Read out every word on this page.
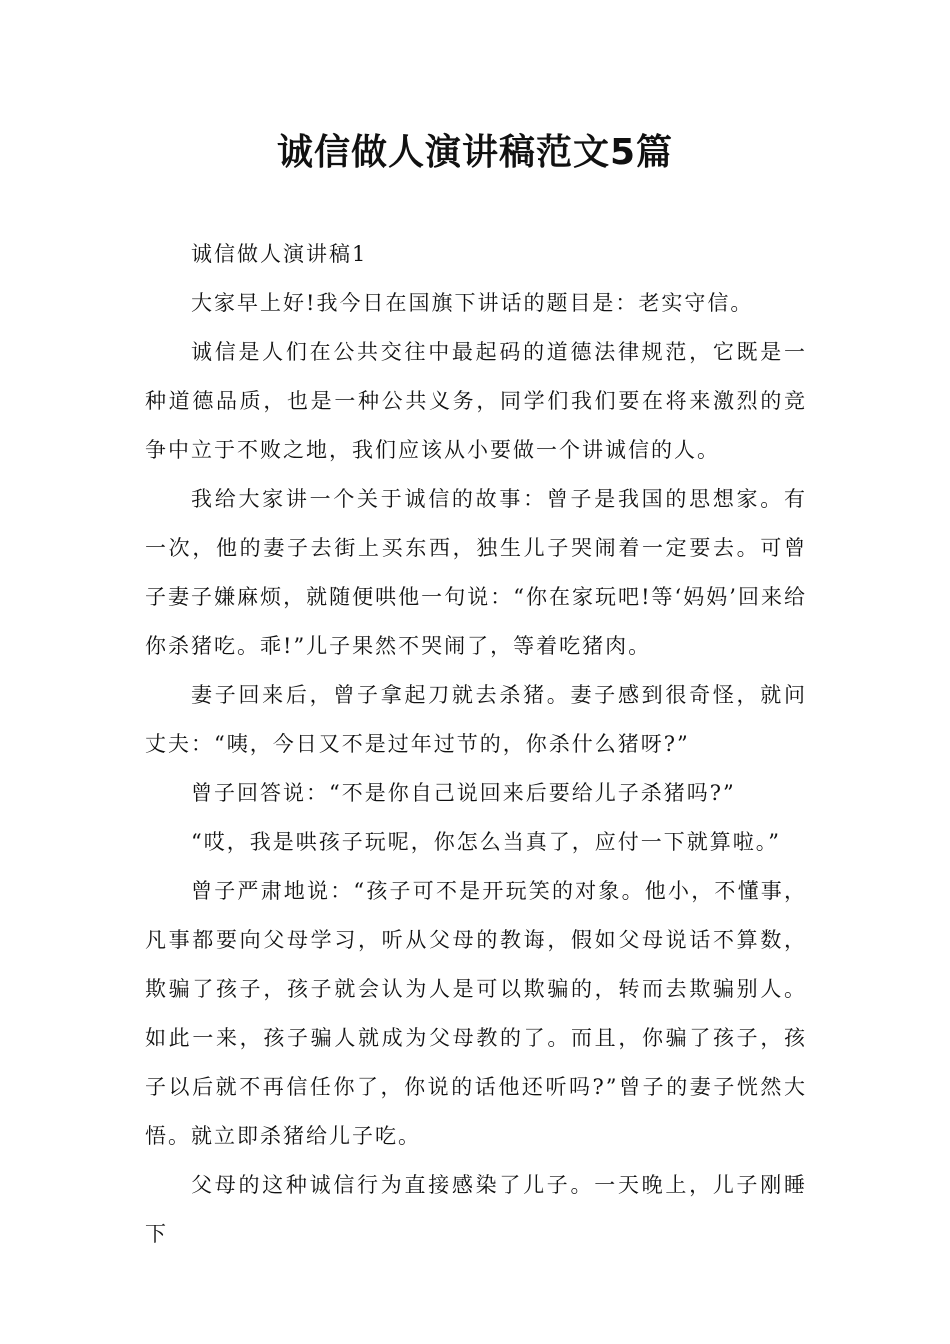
诚信做人演讲稿范文5篇

诚信做人演讲稿1

大家早上好!我今日在国旗下讲话的题目是：老实守信。

诚信是人们在公共交往中最起码的道德法律规范，它既是一种道德品质，也是一种公共义务，同学们我们要在将来激烈的竞争中立于不败之地，我们应该从小要做一个讲诚信的人。

我给大家讲一个关于诚信的故事：曾子是我国的思想家。有一次，他的妻子去街上买东西，独生儿子哭闹着一定要去。可曾子妻子嫌麻烦，就随便哄他一句说：“你在家玩吧!等‘妈妈’回来给你杀猪吃。乖!”儿子果然不哭闹了，等着吃猪肉。

妻子回来后，曾子拿起刀就去杀猪。妻子感到很奇怪，就问丈夫：“咦，今日又不是过年过节的，你杀什么猪呀?”

曾子回答说：“不是你自己说回来后要给儿子杀猪吗?”

“哎，我是哄孩子玩呢，你怎么当真了，应付一下就算啦。”

曾子严肃地说：“孩子可不是开玩笑的对象。他小，不懂事，凡事都要向父母学习，听从父母的教诲，假如父母说话不算数，欺骗了孩子，孩子就会认为人是可以欺骗的，转而去欺骗别人。如此一来，孩子骗人就成为父母教的了。而且，你骗了孩子，孩子以后就不再信任你了，你说的话他还听吗?”曾子的妻子恍然大悟。就立即杀猪给儿子吃。

父母的这种诚信行为直接感染了儿子。一天晚上，儿子刚睡下
